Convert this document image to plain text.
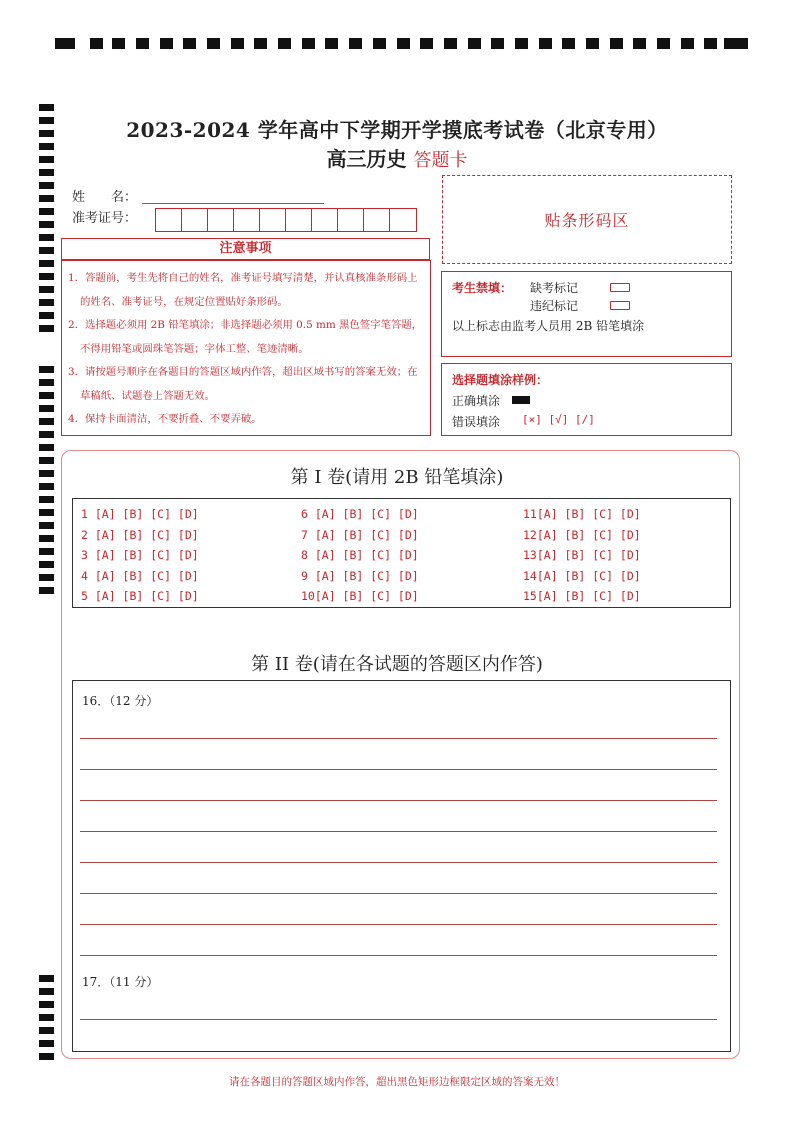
2023-2024 学年高中下学期开学摸底考试卷（北京专用）
高三历史 答题卡
姓　　名：
准考证号：	贴条形码区
注意事项
1．答题前，考生先将自己的姓名，准考证号填写清楚，并认真核准条形码上的姓名、准考证号，在规定位置贴好条形码。
2．选择题必须用 2B 铅笔填涂；非选择题必须用 0.5 mm 黑色签字笔答题，不得用铅笔或圆珠笔答题；字体工整、笔迹清晰。
3．请按题号顺序在各题目的答题区域内作答，超出区域书写的答案无效；在草稿纸、试题卷上答题无效。
4．保持卡面清洁，不要折叠、不要弄破。
考生禁填： 缺考标记
违纪标记
以上标志由监考人员用 2B 铅笔填涂
选择题填涂样例：
正确填涂
错误填涂 [×] [√] [/]
第 I 卷(请用 2B 铅笔填涂)
1 [A] [B] [C] [D]
2 [A] [B] [C] [D]
3 [A] [B] [C] [D]
4 [A] [B] [C] [D]
5 [A] [B] [C] [D]
6 [A] [B] [C] [D]
7 [A] [B] [C] [D]
8 [A] [B] [C] [D]
9 [A] [B] [C] [D]
10[A] [B] [C] [D]
11[A] [B] [C] [D]
12[A] [B] [C] [D]
13[A] [B] [C] [D]
14[A] [B] [C] [D]
15[A] [B] [C] [D]
第 II 卷(请在各试题的答题区内作答)
16．（12 分）
17．（11 分）
请在各题目的答题区域内作答，超出黑色矩形边框限定区域的答案无效！
